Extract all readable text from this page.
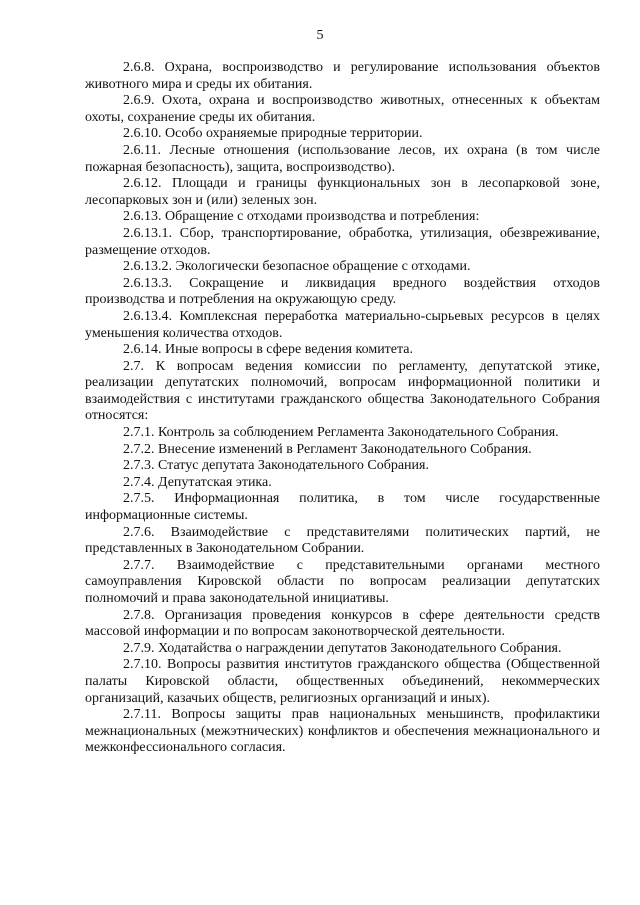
5

2.6.8. Охрана, воспроизводство и регулирование использования объектов животного мира и среды их обитания.

2.6.9. Охота, охрана и воспроизводство животных, отнесенных к объектам охоты, сохранение среды их обитания.

2.6.10. Особо охраняемые природные территории.

2.6.11. Лесные отношения (использование лесов, их охрана (в том числе пожарная безопасность), защита, воспроизводство).

2.6.12. Площади и границы функциональных зон в лесопарковой зоне, лесопарковых зон и (или) зеленых зон.

2.6.13. Обращение с отходами производства и потребления:

2.6.13.1. Сбор, транспортирование, обработка, утилизация, обезвреживание, размещение отходов.

2.6.13.2. Экологически безопасное обращение с отходами.

2.6.13.3. Сокращение и ликвидация вредного воздействия отходов производства и потребления на окружающую среду.

2.6.13.4. Комплексная переработка материально-сырьевых ресурсов в целях уменьшения количества отходов.

2.6.14. Иные вопросы в сфере ведения комитета.

2.7. К вопросам ведения комиссии по регламенту, депутатской этике, реализации депутатских полномочий, вопросам информационной политики и взаимодействия с институтами гражданского общества Законодательного Собрания относятся:

2.7.1. Контроль за соблюдением Регламента Законодательного Собрания.

2.7.2. Внесение изменений в Регламент Законодательного Собрания.

2.7.3. Статус депутата Законодательного Собрания.

2.7.4. Депутатская этика.

2.7.5. Информационная политика, в том числе государственные информационные системы.

2.7.6. Взаимодействие с представителями политических партий, не представленных в Законодательном Собрании.

2.7.7. Взаимодействие с представительными органами местного самоуправления Кировской области по вопросам реализации депутатских полномочий и права законодательной инициативы.

2.7.8. Организация проведения конкурсов в сфере деятельности средств массовой информации и по вопросам законотворческой деятельности.

2.7.9. Ходатайства о награждении депутатов Законодательного Собрания.

2.7.10. Вопросы развития институтов гражданского общества (Общественной палаты Кировской области, общественных объединений, некоммерческих организаций, казачьих обществ, религиозных организаций и иных).

2.7.11. Вопросы защиты прав национальных меньшинств, профилактики межнациональных (межэтнических) конфликтов и обеспечения межнационального и межконфессионального согласия.
